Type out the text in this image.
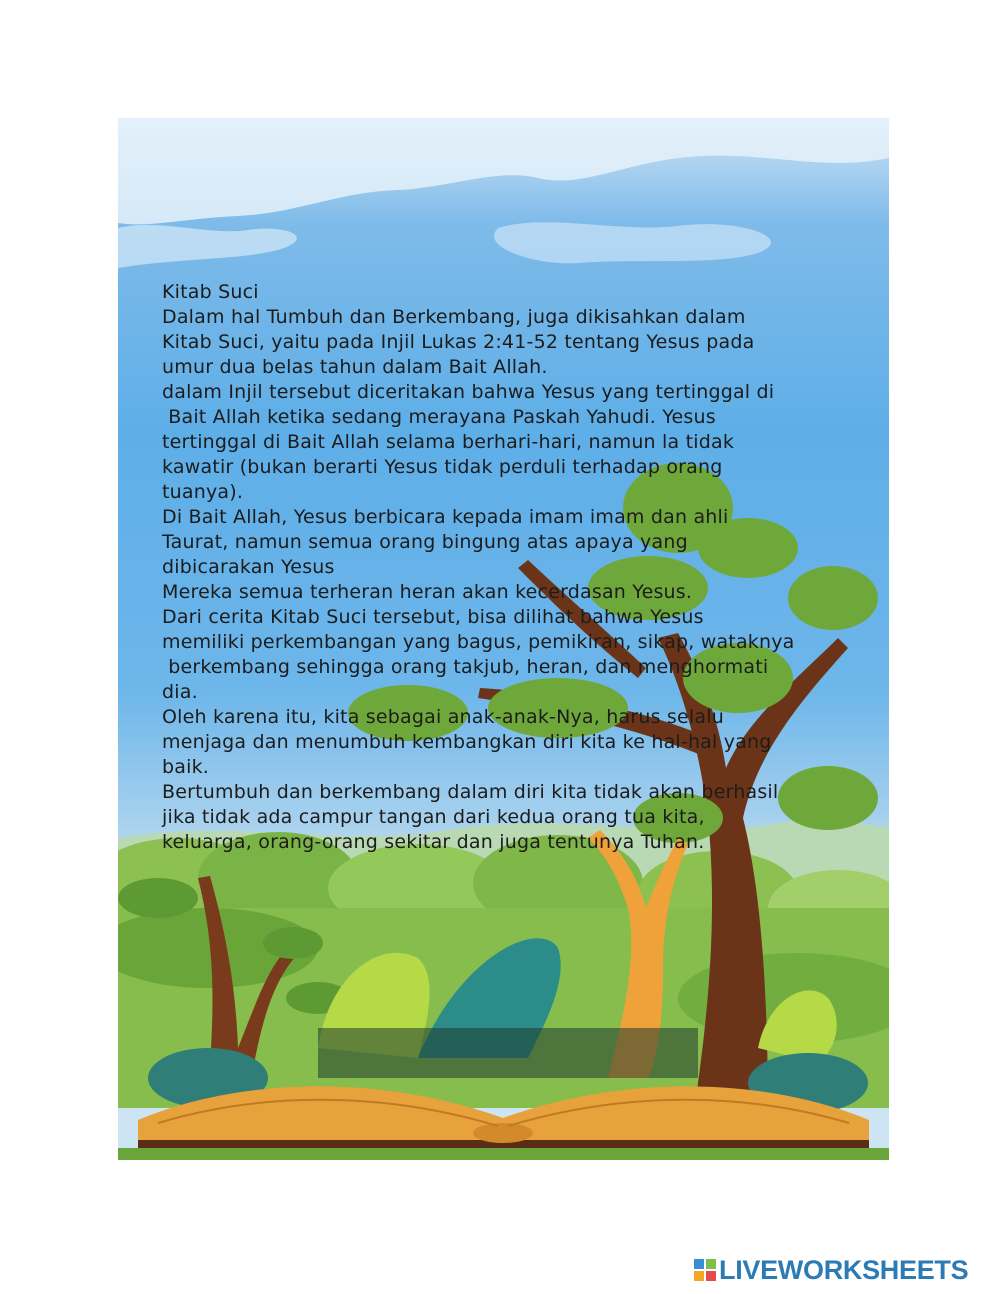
Kitab Suci
Dalam hal Tumbuh dan Berkembang, juga dikisahkan dalam
Kitab Suci, yaitu pada Injil Lukas 2:41-52 tentang Yesus pada
umur dua belas tahun dalam Bait Allah.
dalam Injil tersebut diceritakan bahwa Yesus yang tertinggal di
Bait Allah ketika sedang merayana Paskah Yahudi. Yesus
tertinggal di Bait Allah selama berhari-hari, namun la tidak
kawatir (bukan berarti Yesus tidak perduli terhadap orang
tuanya).
Di Bait Allah, Yesus berbicara kepada imam imam dan ahli
Taurat, namun semua orang bingung atas apaya yang
dibicarakan Yesus
Mereka semua terheran heran akan kecerdasan Yesus.
Dari cerita Kitab Suci tersebut, bisa dilihat bahwa Yesus
memiliki perkembangan yang bagus, pemikiran, sikap, wataknya
berkembang sehingga orang takjub, heran, dan menghormati
dia.
Oleh karena itu, kita sebagai anak-anak-Nya, harus selalu
menjaga dan menumbuh kembangkan diri kita ke hal-hal yang
baik.
Bertumbuh dan berkembang dalam diri kita tidak akan berhasil
jika tidak ada campur tangan dari kedua orang tua kita,
keluarga, orang-orang sekitar dan juga tentunya Tuhan.
LIVEWORKSHEETS
